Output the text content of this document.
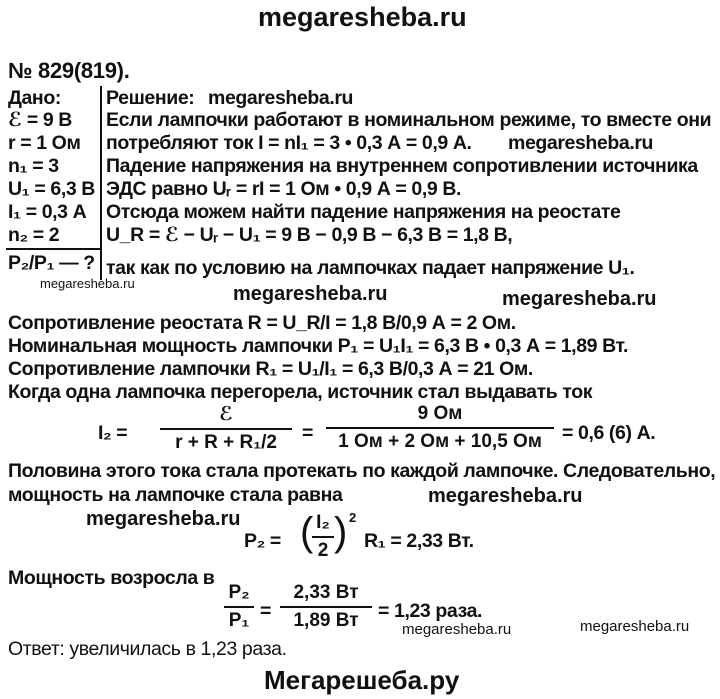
megaresheba.ru
№ 829(819).
Дано:
ℰ = 9 В
r = 1 Ом
n₁ = 3
U₁ = 6,3 В
I₁ = 0,3 А
n₂ = 2
P₂/P₁ — ?
megaresheba.ru
Решение: megaresheba.ru
Если лампочки работают в номинальном режиме, то вместе они
потребляют ток I = nI₁ = 3 • 0,3 А = 0,9 А. megaresheba.ru
Падение напряжения на внутреннем сопротивлении источника
ЭДС равно Uᵣ = rI = 1 Ом • 0,9 А = 0,9 В.
Отсюда можем найти падение напряжения на реостате
U_R = ℰ − Uᵣ − U₁ = 9 В − 0,9 В − 6,3 В = 1,8 В,
так как по условию на лампочках падает напряжение U₁.
megaresheba.ru	megaresheba.ru
Сопротивление реостата R = U_R/I = 1,8 В/0,9 А = 2 Ом.
Номинальная мощность лампочки P₁ = U₁I₁ = 6,3 В • 0,3 А = 1,89 Вт.
Сопротивление лампочки R₁ = U₁/I₁ = 6,3 В/0,3 А = 21 Ом.
Когда одна лампочка перегорела, источник стал выдавать ток
I₂ =
ℰ
r + R + R₁/2	=
9 Ом
1 Ом + 2 Ом + 10,5 Ом	= 0,6 (6) А.
Половина этого тока стала протекать по каждой лампочке. Следовательно,
мощность на лампочке стала равна	megaresheba.ru
megaresheba.ru
P₂ = ( I₂
2 ) 2
R₁ = 2,33 Вт.
Мощность возросла в
P₂
P₁ =
2,33 Вт
1,89 Вт = 1,23 раза.
megaresheba.ru	megaresheba.ru
Ответ: увеличилась в 1,23 раза.
Мегарешеба.ру
